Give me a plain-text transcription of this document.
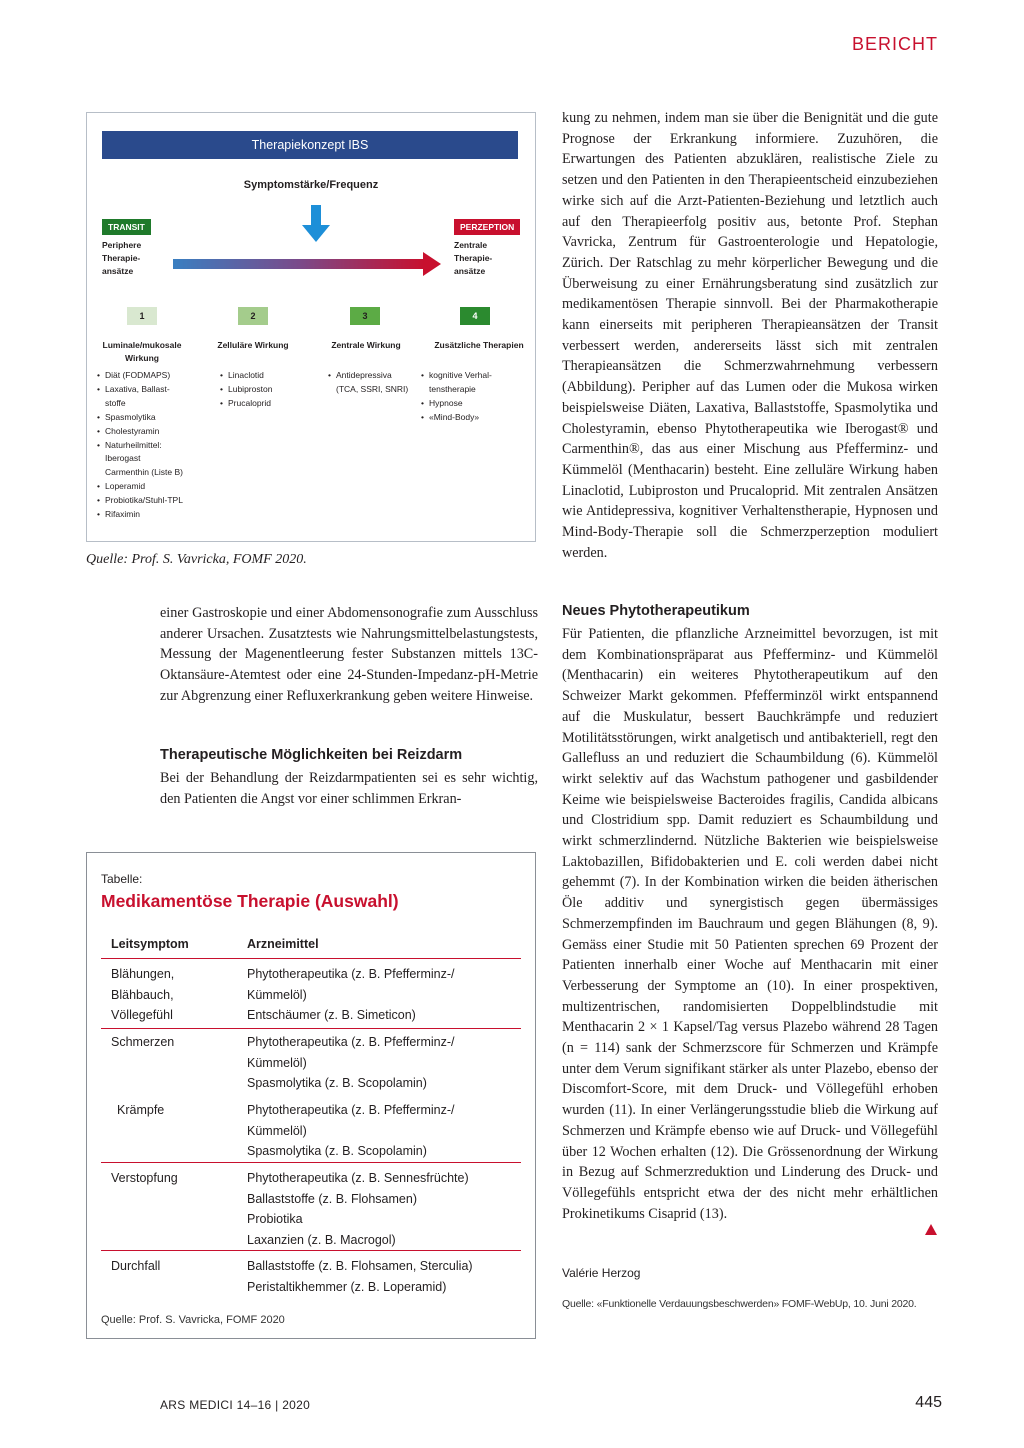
BERICHT
Therapiekonzept IBS
Symptomstärke/Frequenz
TRANSIT	PERZEPTION
Periphere
Therapie-
ansätze
Zentrale
Therapie-
ansätze
1	2	3	4
Luminale/mukosale
Wirkung
Zelluläre Wirkung	Zentrale Wirkung	Zusätzliche Therapien
• Diät (FODMAPS)
• Laxativa, Ballast-
stoffe
• Spasmolytika
• Cholestyramin
• Naturheilmittel:
Iberogast
Carmenthin (Liste B)
• Loperamid
• Probiotika/Stuhl-TPL
• Rifaximin
• Linaclotid
• Lubiproston
• Prucaloprid
• Antidepressiva
(TCA, SSRI, SNRI)
• kognitive Verhal-
tenstherapie
• Hypnose
• «Mind-Body»
Quelle: Prof. S. Vavricka, FOMF 2020.
kung zu nehmen, indem man sie über die Benignität und die gute Prognose der Erkrankung informiere. Zuzuhören, die Erwartungen des Patienten abzuklären, realistische Ziele zu setzen und den Patienten in den Therapieentscheid einzubeziehen wirke sich auf die Arzt-Patienten-Beziehung und letztlich auch auf den Therapieerfolg positiv aus, betonte Prof. Stephan Vavricka, Zentrum für Gastroenterologie und Hepatologie, Zürich. Der Ratschlag zu mehr körperlicher Bewegung und die Überweisung zu einer Ernährungsberatung sind zusätzlich zur medikamentösen Therapie sinnvoll. Bei der Pharmakotherapie kann einerseits mit peripheren Therapieansätzen der Transit verbessert werden, andererseits lässt sich mit zentralen Therapieansätzen die Schmerzwahrnehmung verbessern (Abbildung). Peripher auf das Lumen oder die Mukosa wirken beispielsweise Diäten, Laxativa, Ballaststoffe, Spasmolytika und Cholestyramin, ebenso Phytotherapeutika wie Iberogast® und Carmenthin®, das aus einer Mischung aus Pfefferminz- und Kümmelöl (Menthacarin) besteht. Eine zelluläre Wirkung haben Linaclotid, Lubiproston und Prucaloprid. Mit zentralen Ansätzen wie Antidepressiva, kognitiver Verhaltenstherapie, Hypnosen und Mind-Body-Therapie soll die Schmerzperzeption moduliert werden.
einer Gastroskopie und einer Abdomensonografie zum Ausschluss anderer Ursachen. Zusatztests wie Nahrungsmittelbelastungstests, Messung der Magenentleerung fester Substanzen mittels 13C-Oktansäure-Atemtest oder eine 24-Stunden-Impedanz-pH-Metrie zur Abgrenzung einer Refluxerkrankung geben weitere Hinweise.
Therapeutische Möglichkeiten bei Reizdarm
Bei der Behandlung der Reizdarmpatienten sei es sehr wichtig, den Patienten die Angst vor einer schlimmen Erkran-
Neues Phytotherapeutikum
Für Patienten, die pflanzliche Arzneimittel bevorzugen, ist mit dem Kombinationspräparat aus Pfefferminz- und Kümmelöl (Menthacarin) ein weiteres Phytotherapeutikum auf den Schweizer Markt gekommen. Pfefferminzöl wirkt entspannend auf die Muskulatur, bessert Bauchkrämpfe und reduziert Motilitätsstörungen, wirkt analgetisch und antibakteriell, regt den Gallefluss an und reduziert die Schaumbildung (6). Kümmelöl wirkt selektiv auf das Wachstum pathogener und gasbildender Keime wie beispielsweise Bacteroides fragilis, Candida albicans und Clostridium spp. Damit reduziert es Schaumbildung und wirkt schmerzlindernd. Nützliche Bakterien wie beispielsweise Laktobazillen, Bifidobakterien und E. coli werden dabei nicht gehemmt (7). In der Kombination wirken die beiden ätherischen Öle additiv und synergistisch gegen übermässiges Schmerzempfinden im Bauchraum und gegen Blähungen (8, 9). Gemäss einer Studie mit 50 Patienten sprechen 69 Prozent der Patienten innerhalb einer Woche auf Menthacarin mit einer Verbesserung der Symptome an (10). In einer prospektiven, multizentrischen, randomisierten Doppelblindstudie mit Menthacarin 2 × 1 Kapsel/Tag versus Plazebo während 28 Tagen (n = 114) sank der Schmerzscore für Schmerzen und Krämpfe unter dem Verum signifikant stärker als unter Plazebo, ebenso der Discomfort-Score, mit dem Druck- und Völlegefühl erhoben wurden (11). In einer Verlängerungsstudie blieb die Wirkung auf Schmerzen und Krämpfe ebenso wie auf Druck- und Völlegefühl über 12 Wochen erhalten (12). Die Grössenordnung der Wirkung in Bezug auf Schmerzreduktion und Linderung des Druck- und Völlegefühls entspricht etwa der des nicht mehr erhältlichen Prokinetikums Cisaprid (13).
Tabelle:
Medikamentöse Therapie (Auswahl)
Leitsymptom	Arzneimittel
Blähungen,
Blähbauch,
Völlegefühl
Phytotherapeutika (z. B. Pfefferminz-/
Kümmelöl)
Entschäumer (z. B. Simeticon)
Schmerzen	Phytotherapeutika (z. B. Pfefferminz-/
Kümmelöl)
Spasmolytika (z. B. Scopolamin)
Krämpfe	Phytotherapeutika (z. B. Pfefferminz-/
Kümmelöl)
Spasmolytika (z. B. Scopolamin)
Verstopfung	Phytotherapeutika (z. B. Sennesfrüchte)
Ballaststoffe (z. B. Flohsamen)
Probiotika
Laxanzien (z. B. Macrogol)
Durchfall	Ballaststoffe (z. B. Flohsamen, Sterculia)
Peristaltikhemmer (z. B. Loperamid)
Quelle: Prof. S. Vavricka, FOMF 2020
Valérie Herzog
Quelle: «Funktionelle Verdauungsbeschwerden» FOMF-WebUp, 10. Juni 2020.
ARS MEDICI 14–16 | 2020	445
